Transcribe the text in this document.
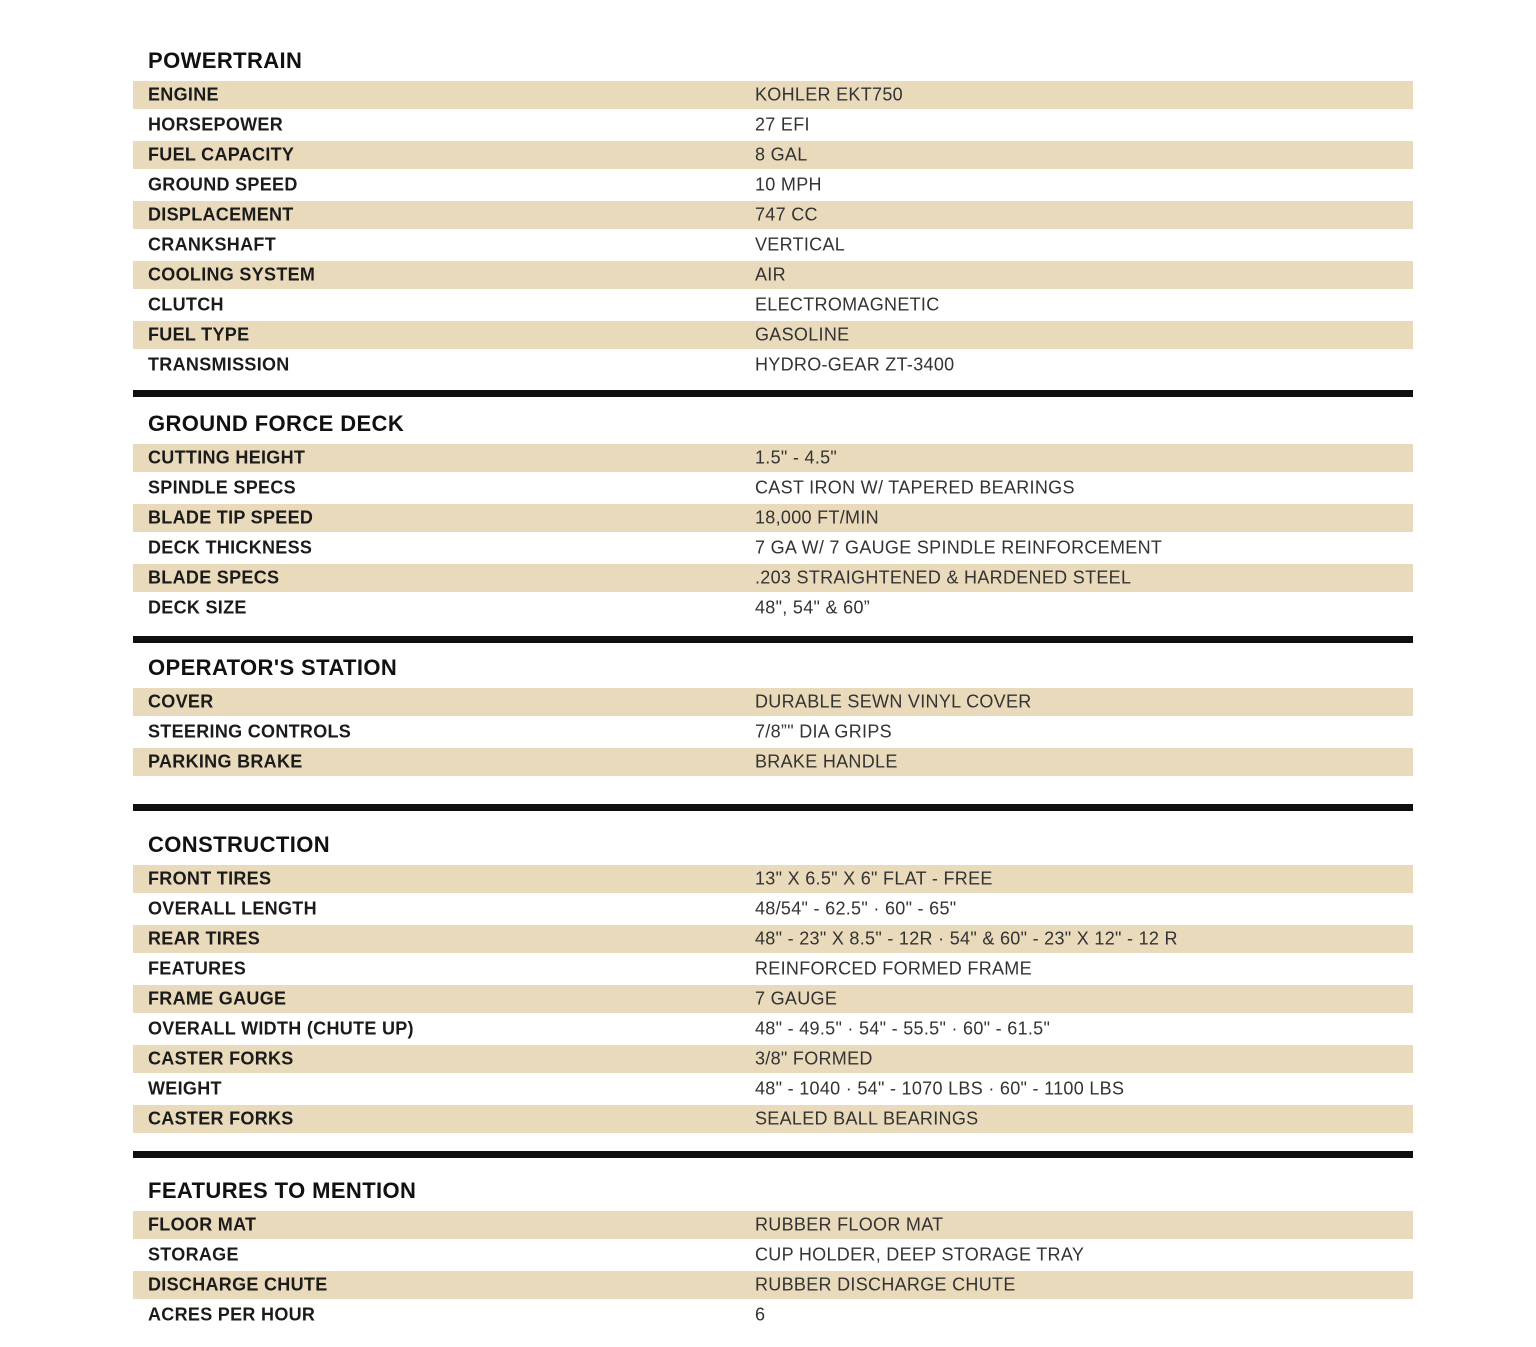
POWERTRAIN
ENGINE	KOHLER EKT750
HORSEPOWER	27 EFI
FUEL CAPACITY	8 GAL
GROUND SPEED	10 MPH
DISPLACEMENT	747 CC
CRANKSHAFT	VERTICAL
COOLING SYSTEM	AIR
CLUTCH	ELECTROMAGNETIC
FUEL TYPE	GASOLINE
TRANSMISSION	HYDRO-GEAR ZT-3400
GROUND FORCE DECK
CUTTING HEIGHT	1.5" - 4.5"
SPINDLE SPECS	CAST IRON W/ TAPERED BEARINGS
BLADE TIP SPEED	18,000 FT/MIN
DECK THICKNESS	7 GA W/ 7 GAUGE SPINDLE REINFORCEMENT
BLADE SPECS	.203 STRAIGHTENED & HARDENED STEEL
DECK SIZE	48", 54" & 60”
OPERATOR'S STATION
COVER	DURABLE SEWN VINYL COVER
STEERING CONTROLS	7/8”" DIA GRIPS
PARKING BRAKE	BRAKE HANDLE
CONSTRUCTION
FRONT TIRES	13" X 6.5" X 6" FLAT - FREE
OVERALL LENGTH	48/54" - 62.5" · 60" - 65"
REAR TIRES	48" - 23" X 8.5" - 12R · 54" & 60" - 23" X 12" - 12 R
FEATURES	REINFORCED FORMED FRAME
FRAME GAUGE	7 GAUGE
OVERALL WIDTH (CHUTE UP)	48" - 49.5" · 54" - 55.5" · 60" - 61.5"
CASTER FORKS	3/8" FORMED
WEIGHT	48" - 1040 · 54" - 1070 LBS · 60" - 1100 LBS
CASTER FORKS	SEALED BALL BEARINGS
FEATURES TO MENTION
FLOOR MAT	RUBBER FLOOR MAT
STORAGE	CUP HOLDER, DEEP STORAGE TRAY
DISCHARGE CHUTE	RUBBER DISCHARGE CHUTE
ACRES PER HOUR	6
